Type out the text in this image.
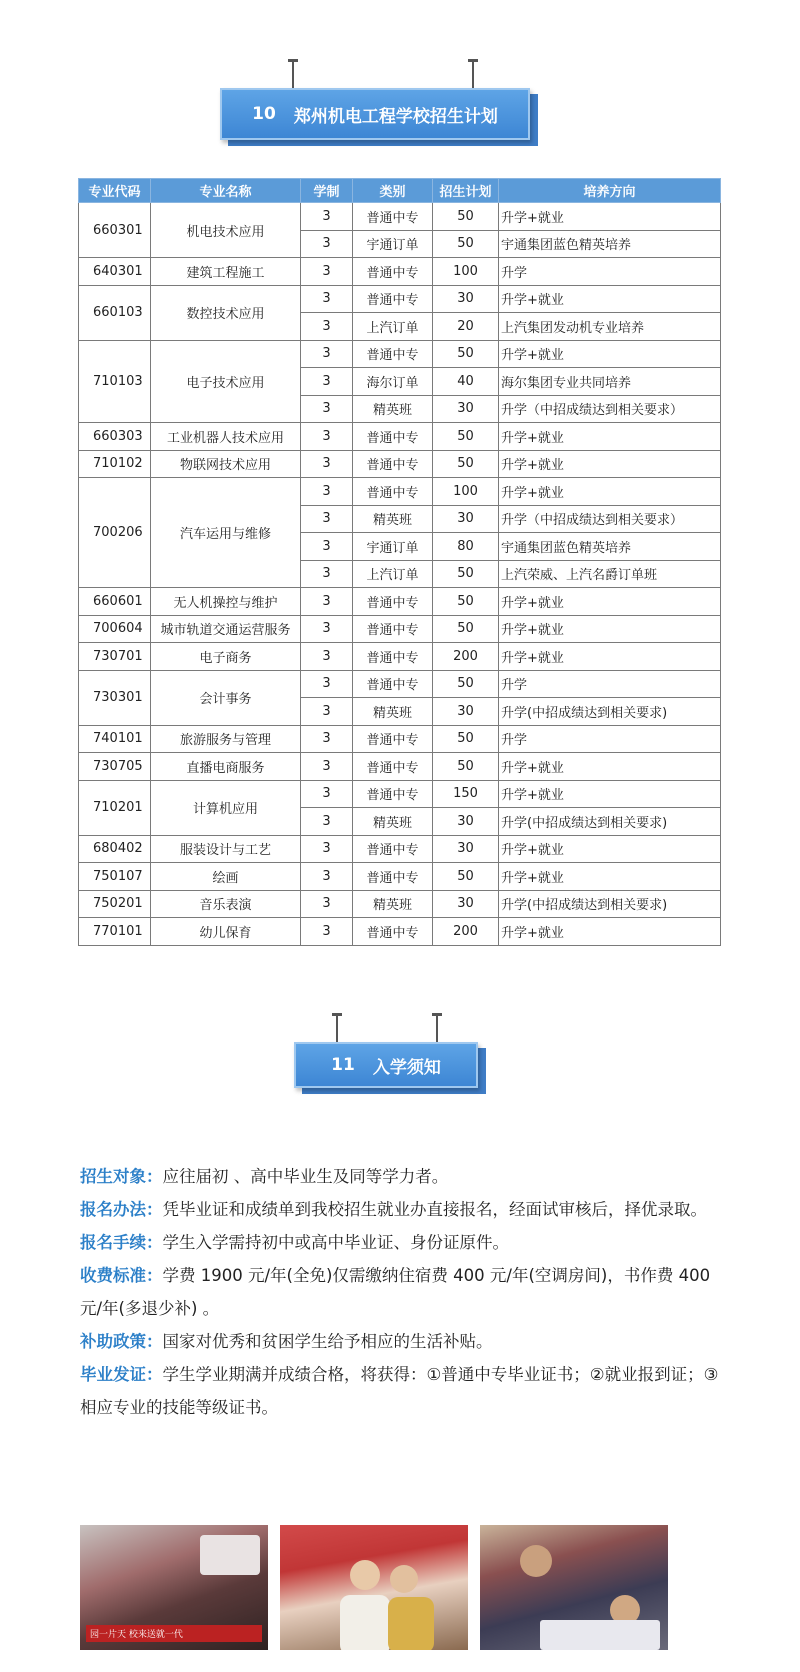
10 郑州机电工程学校招生计划
专业代码	专业名称	学制	类别	招生计划	培养方向
660301	机电技术应用	3	普通中专	50	升学+就业
		3	宇通订单	50	宇通集团蓝色精英培养
640301	建筑工程施工	3	普通中专	100	升学
660103	数控技术应用	3	普通中专	30	升学+就业
		3	上汽订单	20	上汽集团发动机专业培养
710103	电子技术应用	3	普通中专	50	升学+就业
		3	海尔订单	40	海尔集团专业共同培养
		3	精英班	30	升学（中招成绩达到相关要求）
660303	工业机器人技术应用	3	普通中专	50	升学+就业
710102	物联网技术应用	3	普通中专	50	升学+就业
700206	汽车运用与维修	3	普通中专	100	升学+就业
		3	精英班	30	升学（中招成绩达到相关要求）
		3	宇通订单	80	宇通集团蓝色精英培养
		3	上汽订单	50	上汽荣威、上汽名爵订单班
660601	无人机操控与维护	3	普通中专	50	升学+就业
700604	城市轨道交通运营服务	3	普通中专	50	升学+就业
730701	电子商务	3	普通中专	200	升学+就业
730301	会计事务	3	普通中专	50	升学
		3	精英班	30	升学(中招成绩达到相关要求)
740101	旅游服务与管理	3	普通中专	50	升学
730705	直播电商服务	3	普通中专	50	升学+就业
710201	计算机应用	3	普通中专	150	升学+就业
		3	精英班	30	升学(中招成绩达到相关要求)
680402	服装设计与工艺	3	普通中专	30	升学+就业
750107	绘画	3	普通中专	50	升学+就业
750201	音乐表演	3	精英班	30	升学(中招成绩达到相关要求)
770101	幼儿保育	3	普通中专	200	升学+就业
11 入学须知
招生对象：应往届初 、高中毕业生及同等学力者。
报名办法：凭毕业证和成绩单到我校招生就业办直接报名，经面试审核后，择优录取。
报名手续：学生入学需持初中或高中毕业证、身份证原件。
收费标准：学费 1900 元/年(全免)仅需缴纳住宿费 400 元/年(空调房间)，书作费 400 元/年(多退少补) 。
补助政策：国家对优秀和贫困学生给予相应的生活补贴。
毕业发证：学生学业期满并成绩合格，将获得：①普通中专毕业证书；②就业报到证；③相应专业的技能等级证书。
园一片天 校来送就一代
